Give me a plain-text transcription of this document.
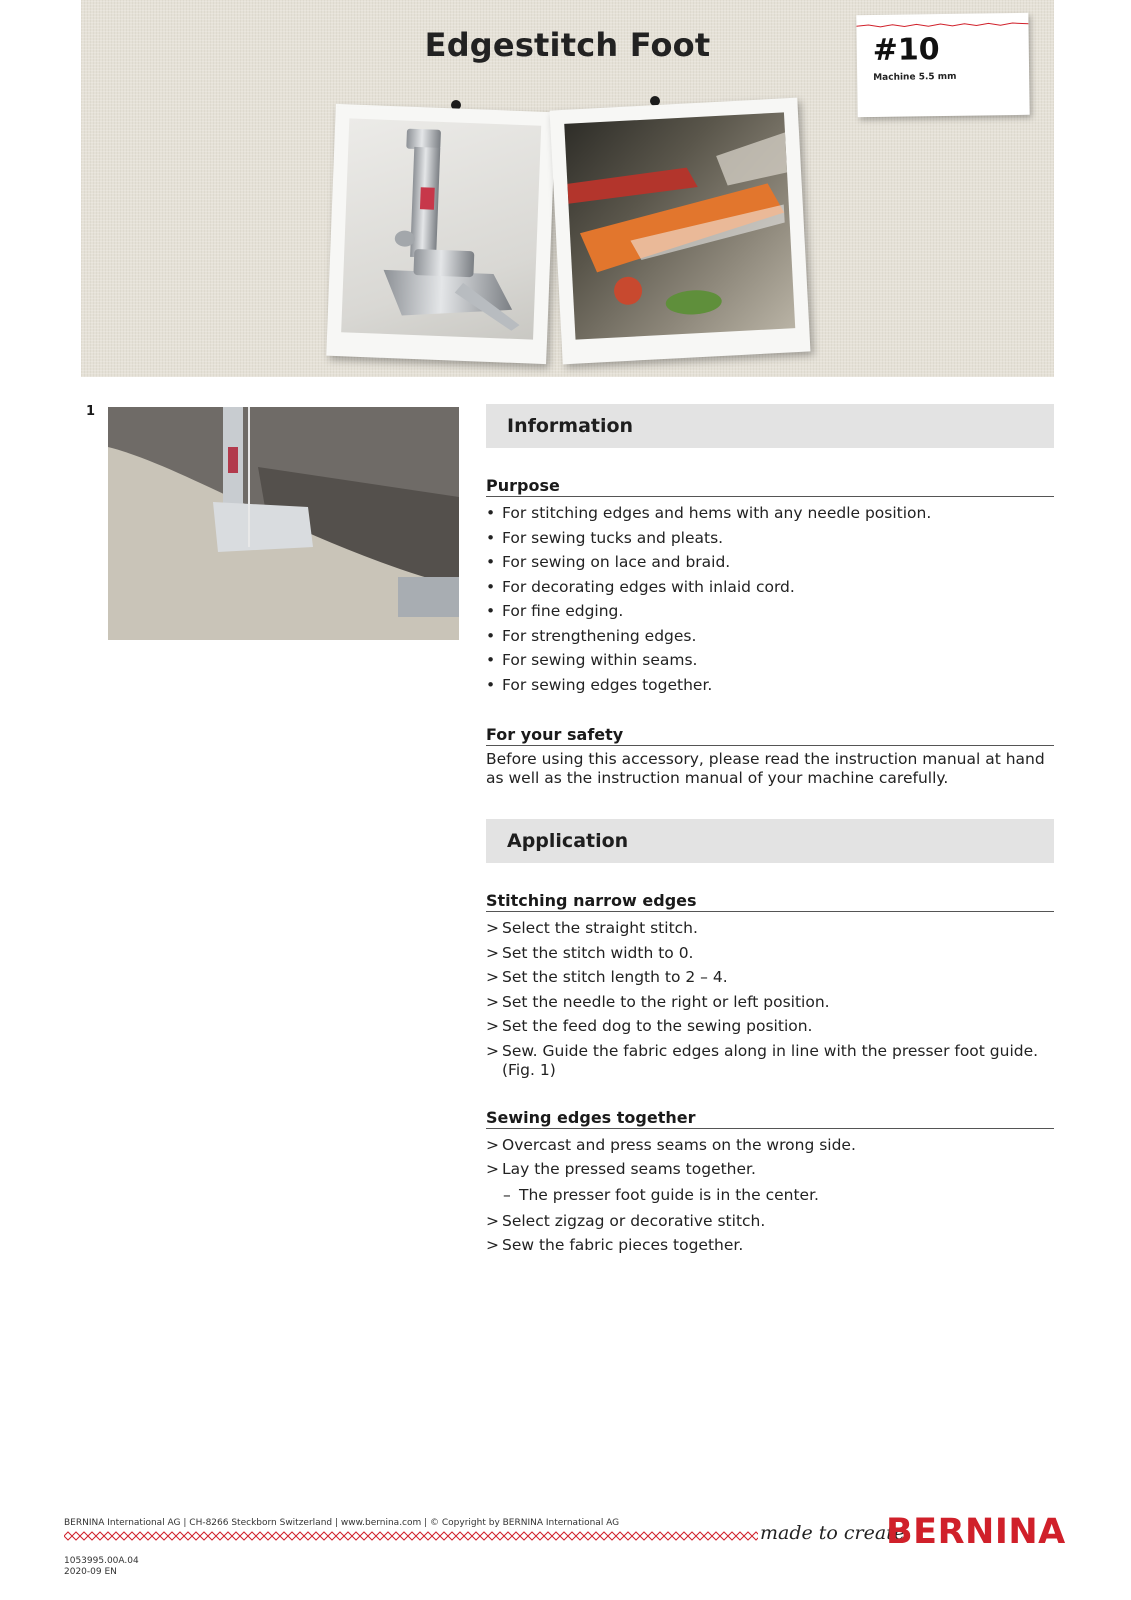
Edgestitch Foot	#10
Machine 5.5 mm
1
Information
Purpose
• For stitching edges and hems with any needle position.
• For sewing tucks and pleats.
• For sewing on lace and braid.
• For decorating edges with inlaid cord.
• For fine edging.
• For strengthening edges.
• For sewing within seams.
• For sewing edges together.
For your safety

Before using this accessory, please read the instruction manual at hand as well as the instruction manual of your machine carefully.

Application
Stitching narrow edges
> Select the straight stitch.
> Set the stitch width to 0.
> Set the stitch length to 2 – 4.
> Set the needle to the right or left position.
> Set the feed dog to the sewing position.
> Sew. Guide the fabric edges along in line with the presser foot guide. (Fig. 1)
Sewing edges together
> Overcast and press seams on the wrong side.
> Lay the pressed seams together.
– The presser foot guide is in the center.
> Select zigzag or decorative stitch.
> Sew the fabric pieces together.
BERNINA International AG | CH-8266 Steckborn Switzerland | www.bernina.com | © Copyright by BERNINA International AG	made to create
BERNINA
1053995.00A.04
2020-09 EN
